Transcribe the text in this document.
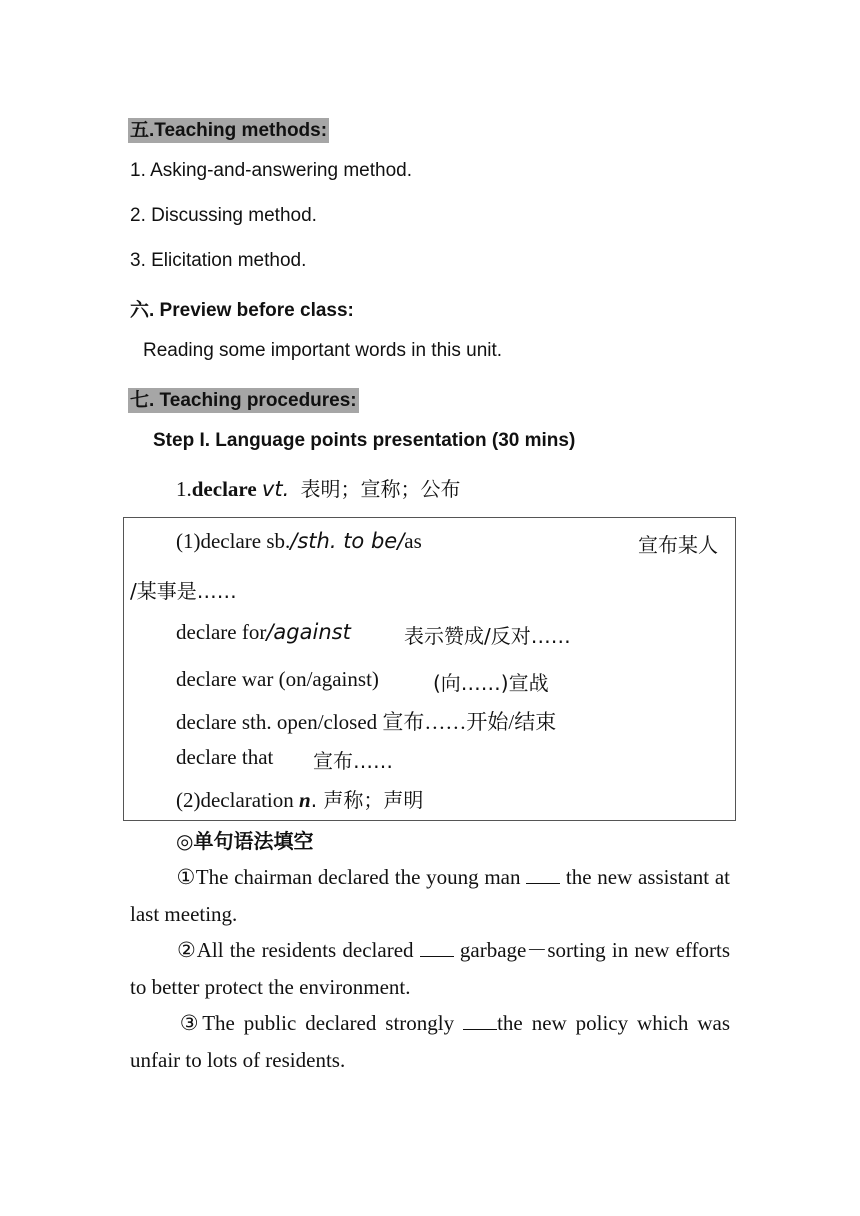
五.Teaching methods:
1. Asking-and-answering method.
2. Discussing method.
3. Elicitation method.
六. Preview before class:
Reading some important words in this unit.
七. Teaching procedures:
Step I. Language points presentation (30 mins)
1.declare vt. 表明；宣称；公布
(1)declare sb./sth. to be/as	宣布某人
/某事是……
declare for/against	表示赞成/反对……
declare war (on/against)	(向……)宣战
declare sth. open/closed 宣布……开始/结束
declare that 宣布……
(2)declaration n. 声称；声明
◎单句语法填空
①The chairman declared the young man the new assistant at last meeting.
②All the residents declared garbage－sorting in new efforts to better protect the environment.
③The public declared strongly the new policy which was unfair to lots of residents.
